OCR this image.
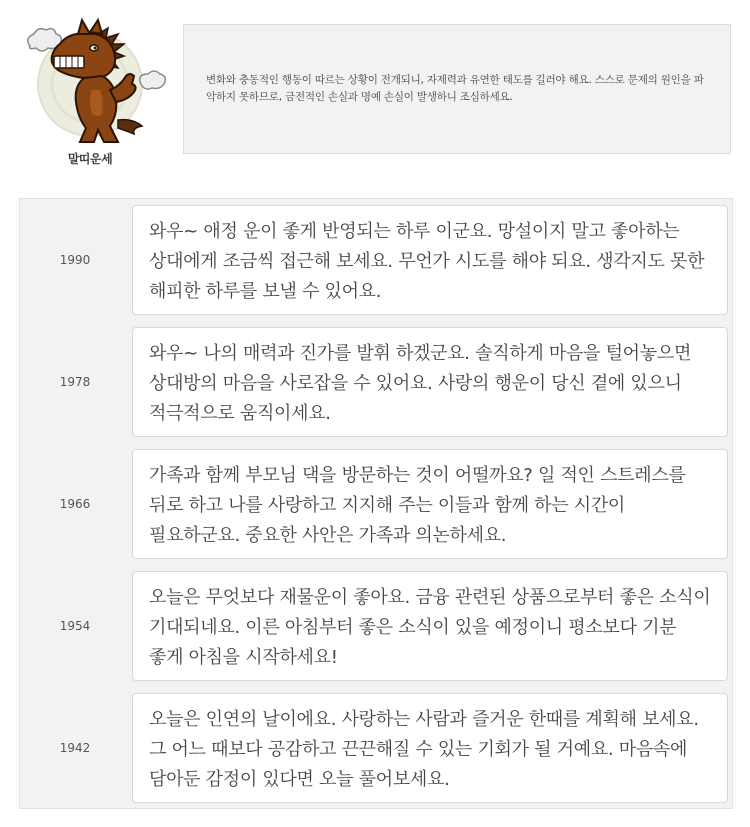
말띠운세

변화와 충동적인 행동이 따르는 상황이 전개되니, 자제력과 유연한 태도를 길러야 해요. 스스로 문제의 원인을 파악하지 못하므로, 금전적인 손실과 명예 손실이 발생하니 조심하세요.

1990
와우~ 애정 운이 좋게 반영되는 하루 이군요. 망설이지 말고 좋아하는 상대에게 조금씩 접근해 보세요. 무언가 시도를 해야 되요. 생각지도 못한 해피한 하루를 보낼 수 있어요.
1978
와우~ 나의 매력과 진가를 발휘 하겠군요. 솔직하게 마음을 털어놓으면 상대방의 마음을 사로잡을 수 있어요. 사랑의 행운이 당신 곁에 있으니 적극적으로 움직이세요.
1966
가족과 함께 부모님 댁을 방문하는 것이 어떨까요? 일 적인 스트레스를 뒤로 하고 나를 사랑하고 지지해 주는 이들과 함께 하는 시간이 필요하군요. 중요한 사안은 가족과 의논하세요.
1954
오늘은 무엇보다 재물운이 좋아요. 금융 관련된 상품으로부터 좋은 소식이 기대되네요. 이른 아침부터 좋은 소식이 있을 예정이니 평소보다 기분 좋게 아침을 시작하세요!
1942
오늘은 인연의 날이에요. 사랑하는 사람과 즐거운 한때를 계획해 보세요. 그 어느 때보다 공감하고 끈끈해질 수 있는 기회가 될 거예요. 마음속에 담아둔 감정이 있다면 오늘 풀어보세요.
